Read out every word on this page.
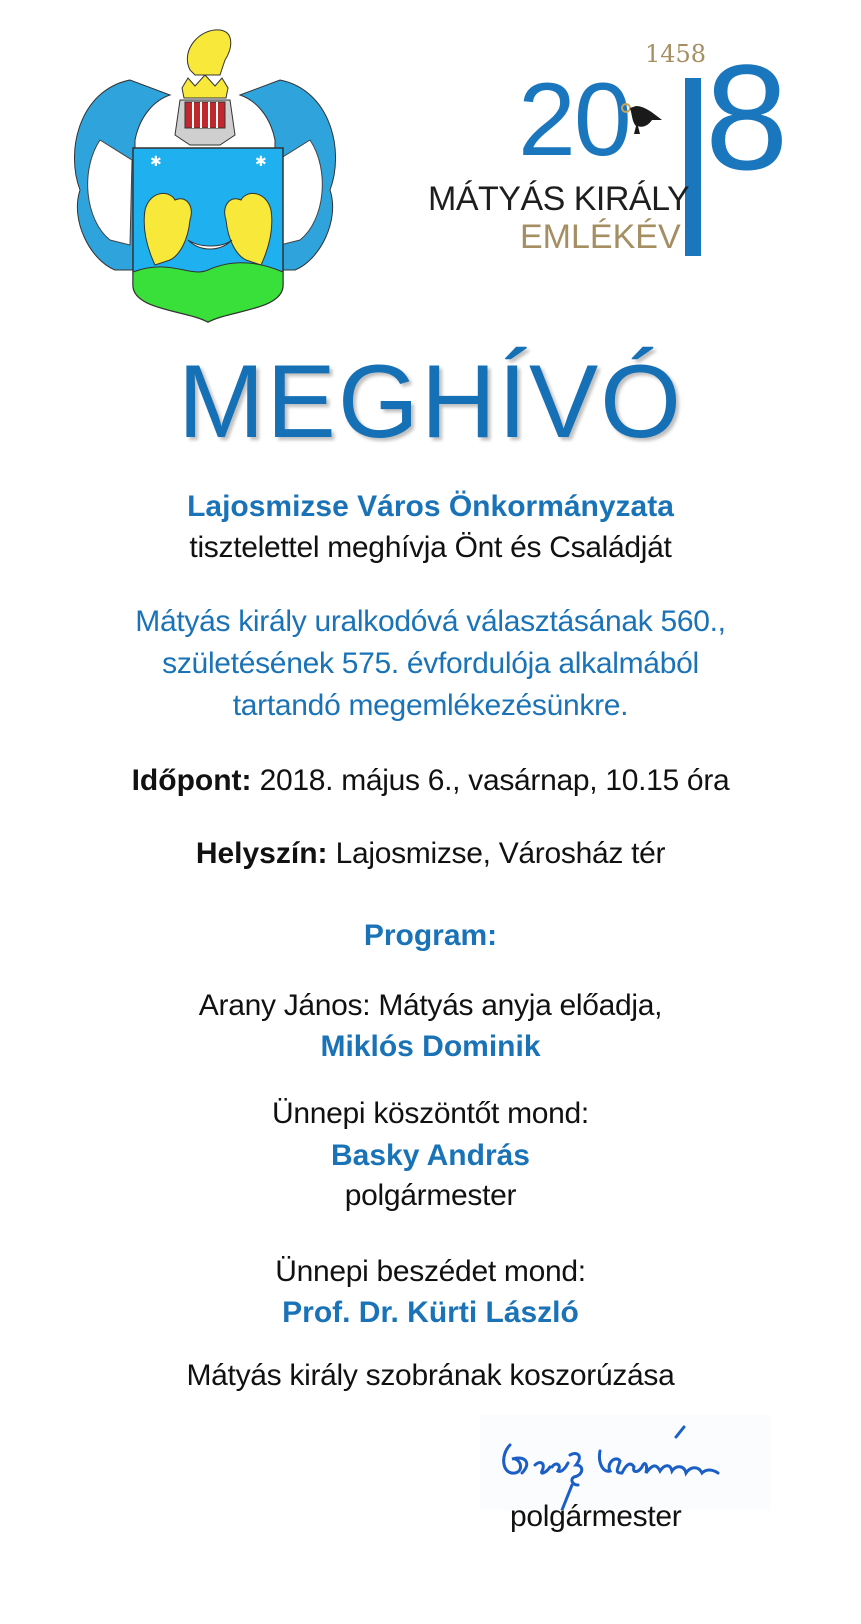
✱	✱
1458
20 8
MÁTYÁS KIRÁLY
EMLÉKÉV
MEGHÍVÓ
Lajosmizse Város Önkormányzata
tisztelettel meghívja Önt és Családját
Mátyás király uralkodóvá választásának 560.,
születésének 575. évfordulója alkalmából
tartandó megemlékezésünkre.
Időpont: 2018. május 6., vasárnap, 10.15 óra
Helyszín: Lajosmizse, Városház tér
Program:
Arany János: Mátyás anyja előadja,
Miklós Dominik
Ünnepi köszöntőt mond:
Basky András
polgármester
Ünnepi beszédet mond:
Prof. Dr. Kürti László
Mátyás király szobrának koszorúzása
polgármester
